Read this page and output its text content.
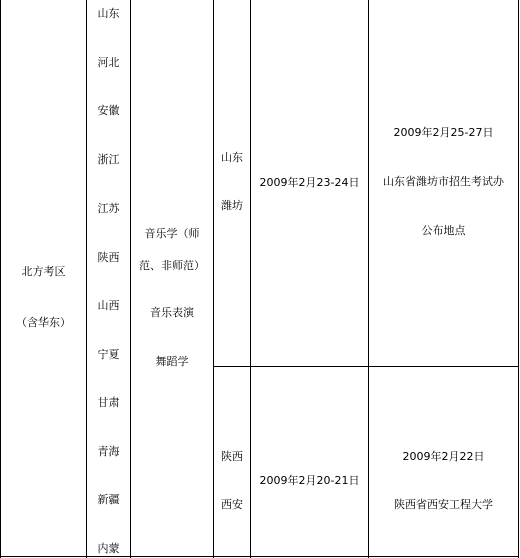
北方考区
（含华东）
山东
河北
安徽
浙江
江苏
陕西
山西
宁夏
甘肃
青海
新疆
内蒙
音乐学（师
范、非师范）
音乐表演
舞蹈学
山东
潍坊
2009年2月23-24日
2009年2月25-27日
山东省潍坊市招生考试办
公布地点
陕西
西安
2009年2月20-21日
2009年2月22日
陕西省西安工程大学
